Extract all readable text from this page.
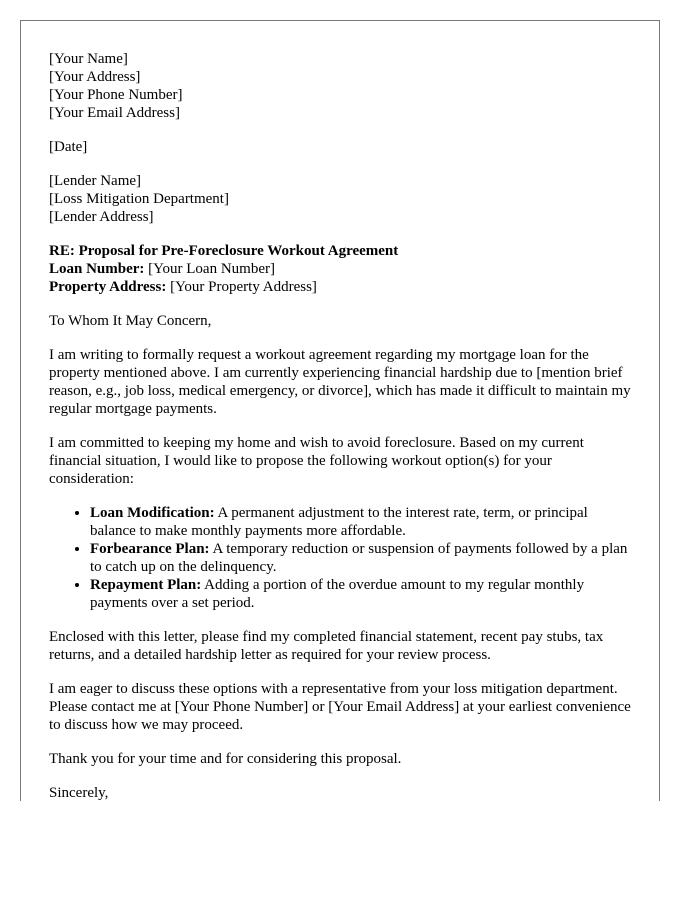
[Your Name]
[Your Address]
[Your Phone Number]
[Your Email Address]
[Date]
[Lender Name]
[Loss Mitigation Department]
[Lender Address]
RE: Proposal for Pre-Foreclosure Workout Agreement
Loan Number: [Your Loan Number]
Property Address: [Your Property Address]

To Whom It May Concern,

I am writing to formally request a workout agreement regarding my mortgage loan for the property mentioned above. I am currently experiencing financial hardship due to [mention brief reason, e.g., job loss, medical emergency, or divorce], which has made it difficult to maintain my regular mortgage payments.

I am committed to keeping my home and wish to avoid foreclosure. Based on my current financial situation, I would like to propose the following workout option(s) for your consideration:

• Loan Modification: A permanent adjustment to the interest rate, term, or principal balance to make monthly payments more affordable.
• Forbearance Plan: A temporary reduction or suspension of payments followed by a plan to catch up on the delinquency.
• Repayment Plan: Adding a portion of the overdue amount to my regular monthly payments over a set period.

Enclosed with this letter, please find my completed financial statement, recent pay stubs, tax returns, and a detailed hardship letter as required for your review process.

I am eager to discuss these options with a representative from your loss mitigation department. Please contact me at [Your Phone Number] or [Your Email Address] at your earliest convenience to discuss how we may proceed.

Thank you for your time and for considering this proposal.

Sincerely,
